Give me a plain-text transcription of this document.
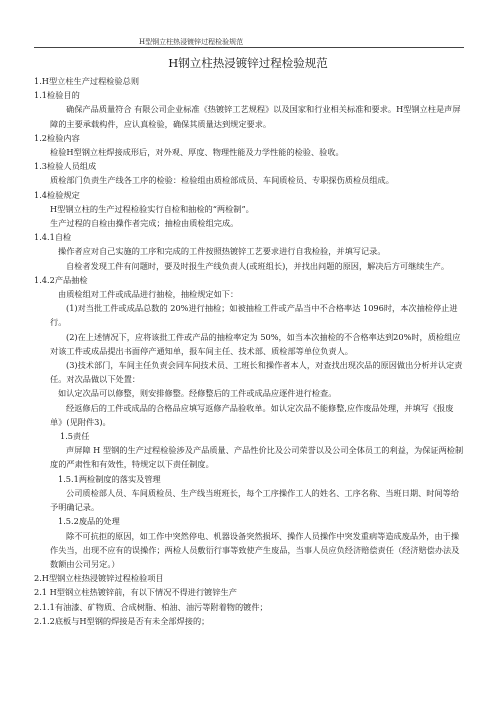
H型钢立柱热浸镀锌过程检验规范
H钢立柱热浸镀锌过程检验规范
1.H型立柱生产过程检验总则
1.1检验目的
确保产品质量符合 有限公司企业标准《热镀锌工艺规程》以及国家和行业相关标准和要求。H型钢立柱是声屏障的主要承载构件，应认真检验，确保其质量达到规定要求。
1.2检验内容
检验H型钢立柱焊接成形后，对外观、厚度、物理性能及力学性能的检验、验收。
1.3检验人员组成
质检部门负责生产线各工序的检验：检验组由质检部成员、车间质检员、专职探伤质检员组成。
1.4检验规定
H型钢立柱的生产过程检验实行自检和抽检的“两检制”。
生产过程的自检由操作者完成；抽检由质检组完成。
1.4.1自检
操作者应对自己实施的工序和完成的工件按照热镀锌工艺要求进行自我检验，并填写记录。
自检者发现工件有问题时，要及时报生产线负责人(或班组长)，并找出问题的原因，解决后方可继续生产。
1.4.2产品抽检
由质检组对工件或成品进行抽检，抽检规定如下：
(1)对当批工件或成品总数的 20%进行抽检；如被抽检工件或产品当中不合格率达 1096时，本次抽检停止进行。
(2)在上述情况下，应将该批工件或产品的抽检率定为 50%，如当本次抽检的不合格率达到20%时，质检组应对该工件或成品提出书面停产通知单，报车间主任、技术部、质检部等单位负责人。
(3)技术部门，车间主任负责会同车间技术员、工班长和操作者本人，对查找出现次品的原因做出分析并认定责任。对次品做以下处置：
如认定次品可以修整，则安排修整。经修整后的工件或成品应逐件进行检查。
经返修后的工件或成品的合格品应填写返修产品验收单。如认定次品不能修整,应作废品处理，并填写《报废单》(见附件3)。
1.5责任
声屏障 H 型钢的生产过程检验涉及产品质量、产品性价比及公司荣誉以及公司全体员工的利益，为保证两检制度的严肃性和有效性，特规定以下责任制度。
1.5.1两检制度的落实及管理
公司质检部人员、车间质检员、生产线当班班长，每个工序操作工人的姓名、工序名称、当班日期、时间等给予明确记录。
1.5.2废品的处理
除不可抗拒的原因，如工作中突然停电、机器设备突然损坏、操作人员操作中突发重病等造成废品外，由于操作失当，出现不应有的误操作；两检人员敷衍行事等致使产生废品，当事人员应负经济赔偿责任（经济赔偿办法及数额由公司另定。）
2.H型钢立柱热浸镀锌过程检验项目
2.1 H型钢立柱热镀锌前，有以下情况不得进行镀锌生产
2.1.1有油漆、矿物质、合成树脂、柏油、油污等附着物的镀件；
2.1.2底板与H型钢的焊接是否有未全部焊接的；
